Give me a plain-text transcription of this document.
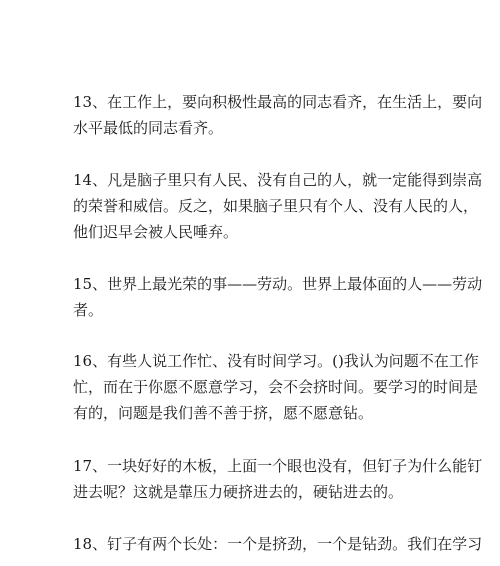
13、在工作上，要向积极性最高的同志看齐，在生活上，要向
水平最低的同志看齐。
14、凡是脑子里只有人民、没有自己的人，就一定能得到崇高
的荣誉和威信。反之，如果脑子里只有个人、没有人民的人，
他们迟早会被人民唾弃。
15、世界上最光荣的事——劳动。世界上最体面的人——劳动
者。
16、有些人说工作忙、没有时间学习。()我认为问题不在工作
忙，而在于你愿不愿意学习，会不会挤时间。要学习的时间是
有的，问题是我们善不善于挤，愿不愿意钻。
17、一块好好的木板，上面一个眼也没有，但钉子为什么能钉
进去呢？这就是靠压力硬挤进去的，硬钻进去的。
18、钉子有两个长处：一个是挤劲，一个是钻劲。我们在学习
